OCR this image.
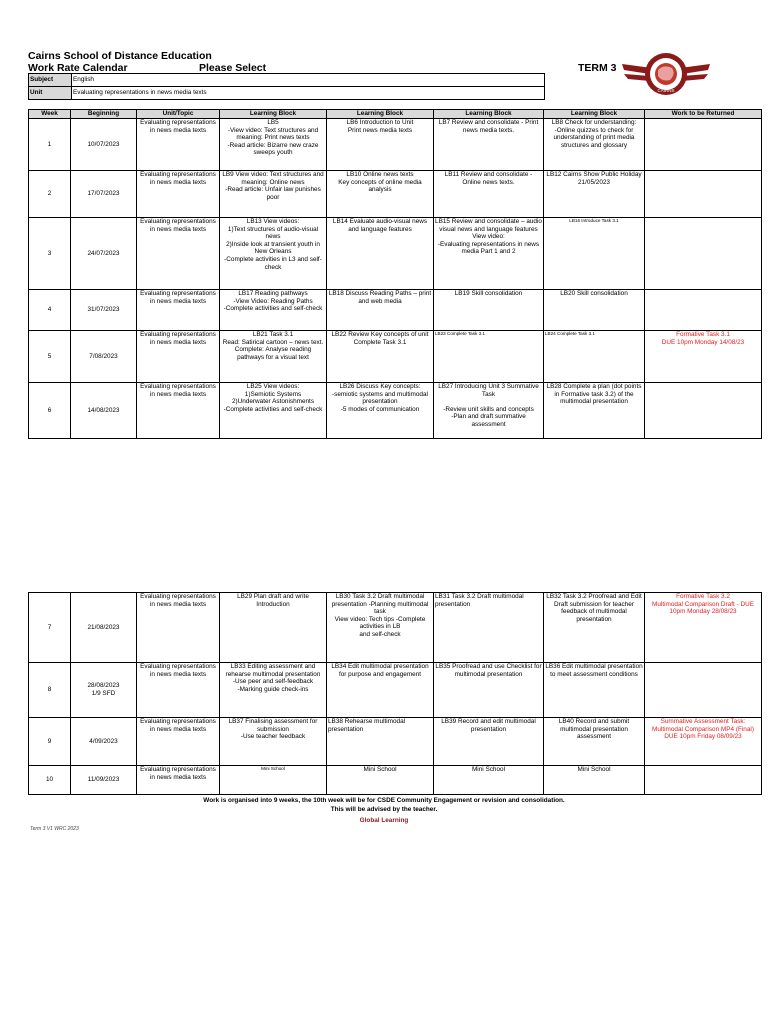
Cairns School of Distance Education
Work Rate Calendar	Please Select	TERM 3
CAIRNS
Subject	English
Unit	Evaluating representations in news media texts
Week	Beginning	Unit/Topic	Learning Block	Learning Block	Learning Block	Learning Block	Work to be Returned
1	10/07/2023	Evaluating representations in news media texts	LB5
-View video: Text structures and meaning: Print news texts
-Read article: Bizarre new craze sweeps youth	LB6 Introduction to Unit
Print news media texts	LB7 Review and consolidate - Print news media texts.	LB8 Check for understanding:
-Online quizzes to check for understanding of print media structures and glossary	
2	17/07/2023	Evaluating representations in news media texts	LB9 View video: Text structures and meaning: Online news
-Read article: Unfair law punishes poor	LB10 Online news texts
Key concepts of online media analysis	LB11 Review and consolidate - Online news texts.	LB12 Cairns Show Public Holiday
21/05/2023	
3	24/07/2023	Evaluating representations in news media texts	LB13 View videos:
1)Text structures of audio-visual news
2)Inside look at transient youth in New Orleans
-Complete activities in L3 and self-check	LB14 Evaluate audio-visual news and language features	LB15 Review and consolidate – audio visual news and language features
View video:
-Evaluating representations in news media Part 1 and 2	LB16 Introduce Task 3.1	
4	31/07/2023	Evaluating representations in news media texts	LB17 Reading pathways
-View Video: Reading Paths
-Complete activities and self-check	LB18 Discuss Reading Paths – print and web media	LB19 Skill consolidation	LB20 Skill consolidation	
5	7/08/2023	Evaluating representations in news media texts	LB21 Task 3.1
Read: Satirical cartoon – news text.
Complete: Analyse reading pathways for a visual text	LB22 Review Key concepts of unit
Complete Task 3.1	LB23 Complete Task 3.1	LB24 Complete Task 3.1	Formative Task 3.1
DUE 10pm Monday 14/08/23
6	14/08/2023	Evaluating representations in news media texts	LB25 View videos:
1)Semiotic Systems
2)Underwater Astonishments
-Complete activities and self-check	LB26 Discuss Key concepts:
-semiotic systems and multimodal presentation
-5 modes of communication	LB27 Introducing Unit 3 Summative Task

-Review unit skills and concepts
-Plan and draft summative assessment	LB28 Complete a plan (dot points in Formative task 3.2) of the multimodal presentation	
7	21/08/2023	Evaluating representations in news media texts	LB29 Plan draft and write Introduction	LB30 Task 3.2 Draft multimodal presentation -Planning multimodal task
View video: Tech tips -Complete activities in LB
and self-check	LB31 Task 3.2 Draft multimodal presentation	LB32 Task 3.2 Proofread and Edit Draft submission for teacher feedback of multimodal presentation	Formative Task 3.2
Multimodal Comparison Draft - DUE 10pm Monday 28/08/23
8	28/08/2023
1/9 SFD	Evaluating representations in news media texts	LB33 Editing assessment and rehearse multimodal presentation
-Use peer and self-feedback
-Marking guide check-ins	LB34 Edit multimodal presentation for purpose and engagement	LB35 Proofread and use Checklist for multimodal presentation	LB36 Edit multimodal presentation
to meet assessment conditions	
9	4/09/2023	Evaluating representations in news media texts	LB37 Finalising assessment for submission
-Use teacher feedback	LB38 Rehearse multimodal presentation	LB39 Record and edit multimodal presentation	LB40 Record and submit multimodal presentation assessment	Summative Assessment Task: Multimodal Comparison MP4 (Final) DUE 10pm Friday 08/09/23
10	11/09/2023	Evaluating representations in news media texts	Mini School	Mini School	Mini School	Mini School	
Work is organised into 9 weeks, the 10th week will be for CSDE Community Engagement or revision and consolidation.
This will be advised by the teacher.
Global Learning
Term 3 V1 WRC 2023
